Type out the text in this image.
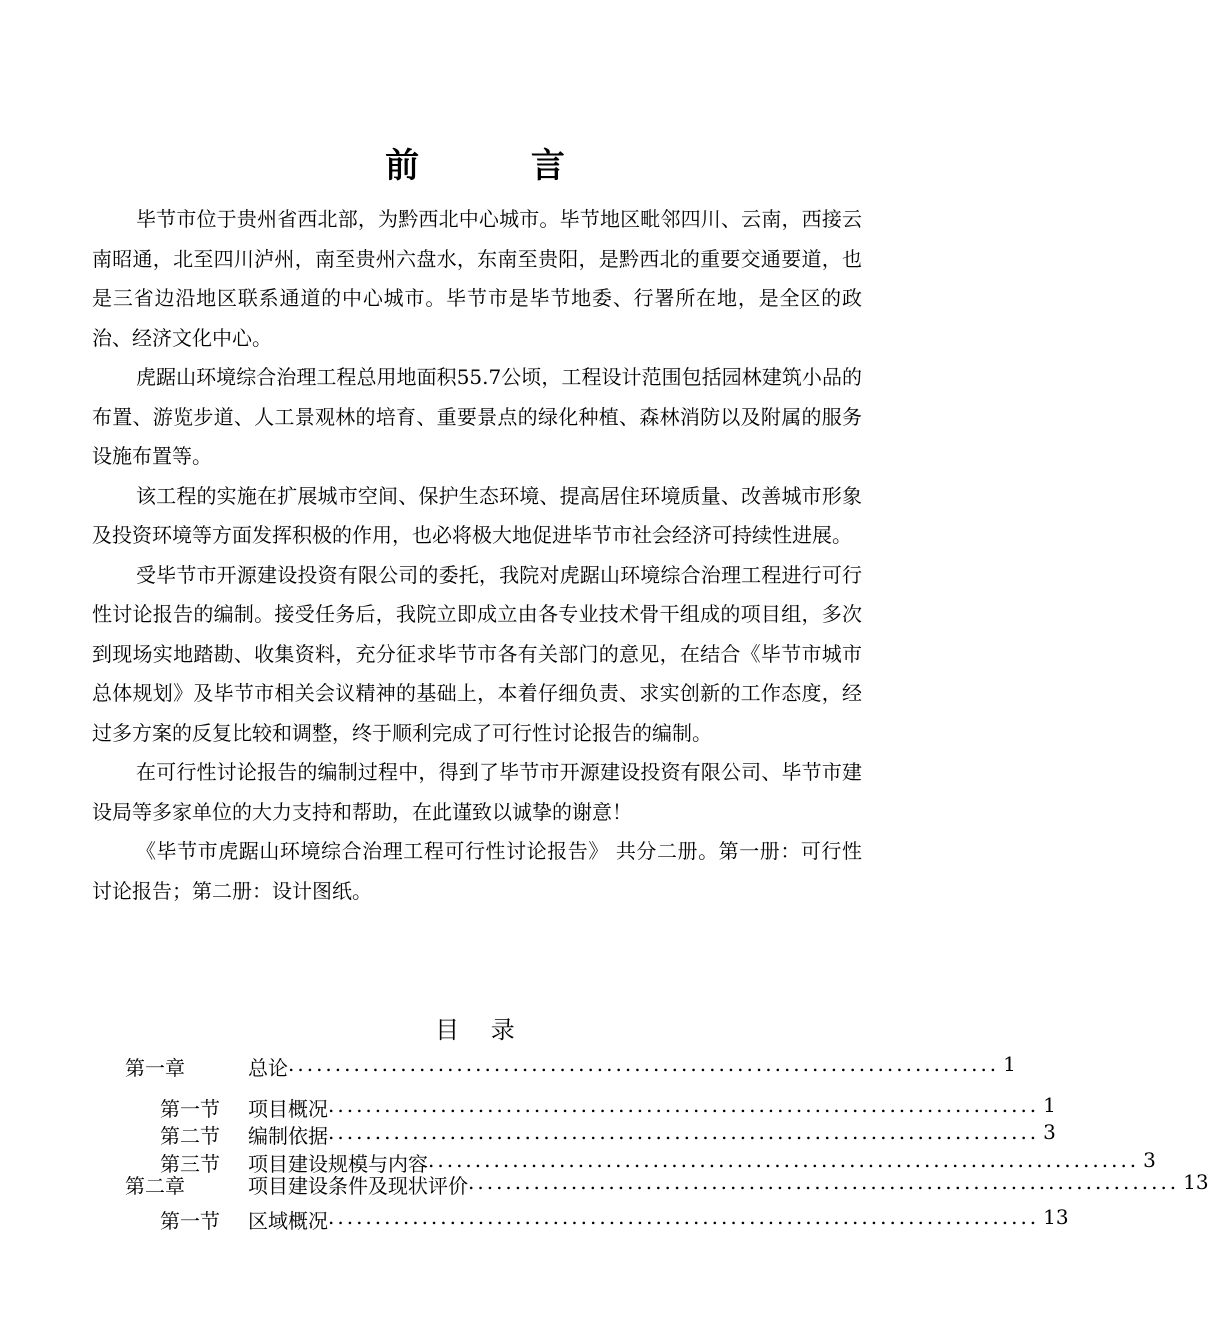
前 言

毕节市位于贵州省西北部，为黔西北中心城市。毕节地区毗邻四川、云南，西接云南昭通，北至四川泸州，南至贵州六盘水，东南至贵阳，是黔西北的重要交通要道，也是三省边沿地区联系通道的中心城市。毕节市是毕节地委、行署所在地，是全区的政治、经济文化中心。

虎踞山环境综合治理工程总用地面积55.7公顷，工程设计范围包括园林建筑小品的布置、游览步道、人工景观林的培育、重要景点的绿化种植、森林消防以及附属的服务设施布置等。

该工程的实施在扩展城市空间、保护生态环境、提高居住环境质量、改善城市形象及投资环境等方面发挥积极的作用，也必将极大地促进毕节市社会经济可持续性进展。

受毕节市开源建设投资有限公司的委托，我院对虎踞山环境综合治理工程进行可行性讨论报告的编制。接受任务后，我院立即成立由各专业技术骨干组成的项目组，多次到现场实地踏勘、收集资料，充分征求毕节市各有关部门的意见，在结合《毕节市城市总体规划》及毕节市相关会议精神的基础上，本着仔细负责、求实创新的工作态度，经过多方案的反复比较和调整，终于顺利完成了可行性讨论报告的编制。

在可行性讨论报告的编制过程中，得到了毕节市开源建设投资有限公司、毕节市建设局等多家单位的大力支持和帮助，在此谨致以诚挚的谢意！

《毕节市虎踞山环境综合治理工程可行性讨论报告》 共分二册。第一册：可行性讨论报告；第二册：设计图纸。

目 录
第一章	总论 ............................................................................ 1
第一节 项目概况 ............................................................................ 1
第二节 编制依据 ............................................................................ 3
第三节 项目建设规模与内容 ............................................................................ 3
第二章	项目建设条件及现状评价 ............................................................................ 13
第一节 区域概况 ............................................................................ 13
